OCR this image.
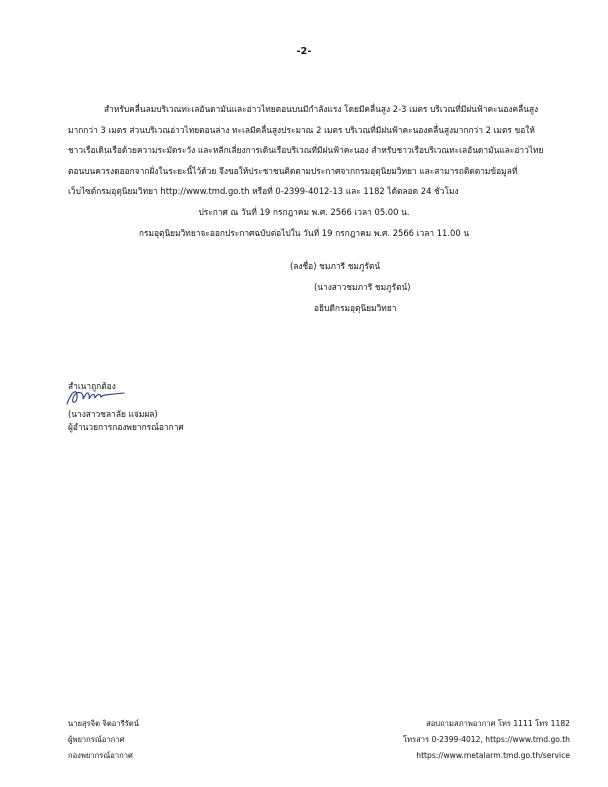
-2-
สำหรับคลื่นลมบริเวณทะเลอันดามันและอ่าวไทยตอนบนมีกำลังแรง โดยมีคลื่นสูง 2-3 เมตร บริเวณที่มีฝนฟ้าคะนองคลื่นสูง
มากกว่า 3 เมตร ส่วนบริเวณอ่าวไทยตอนล่าง ทะเลมีคลื่นสูงประมาณ 2 เมตร บริเวณที่มีฝนฟ้าคะนองคลื่นสูงมากกว่า 2 เมตร ขอให้
ชาวเรือเดินเรือด้วยความระมัดระวัง และหลีกเลี่ยงการเดินเรือบริเวณที่มีฝนฟ้าคะนอง สำหรับชาวเรือบริเวณทะเลอันดามันและอ่าวไทย
ตอนบนควรงดออกจากฝั่งในระยะนี้ไว้ด้วย จึงขอให้ประชาชนติดตามประกาศจากกรมอุตุนิยมวิทยา และสามารถติดตามข้อมูลที่
เว็บไซต์กรมอุตุนิยมวิทยา http://www.tmd.go.th หรือที่ 0-2399-4012-13 และ 1182 ได้ตลอด 24 ชั่วโมง
ประกาศ ณ วันที่ 19 กรกฎาคม พ.ศ. 2566 เวลา 05.00 น.
กรมอุตุนิยมวิทยาจะออกประกาศฉบับต่อไปใน วันที่ 19 กรกฎาคม พ.ศ. 2566 เวลา 11.00 น
(ลงชื่อ) ชมภารี ชมภูรัตน์
(นางสาวชมภารี ชมภูรัตน์)
อธิบดีกรมอุตุนิยมวิทยา
สำเนาถูกต้อง
(นางสาวชลาลัย แจ่มผล)
ผู้อำนวยการกองพยากรณ์อากาศ
นายสุรจิต จิตอารีรัตน์
ผู้พยากรณ์อากาศ
กองพยากรณ์อากาศ
สอบถามสภาพอากาศ โทร 1111 โทร 1182
โทรสาร 0-2399-4012, https://www.tmd.go.th
https://www.metalarm.tmd.go.th/service
